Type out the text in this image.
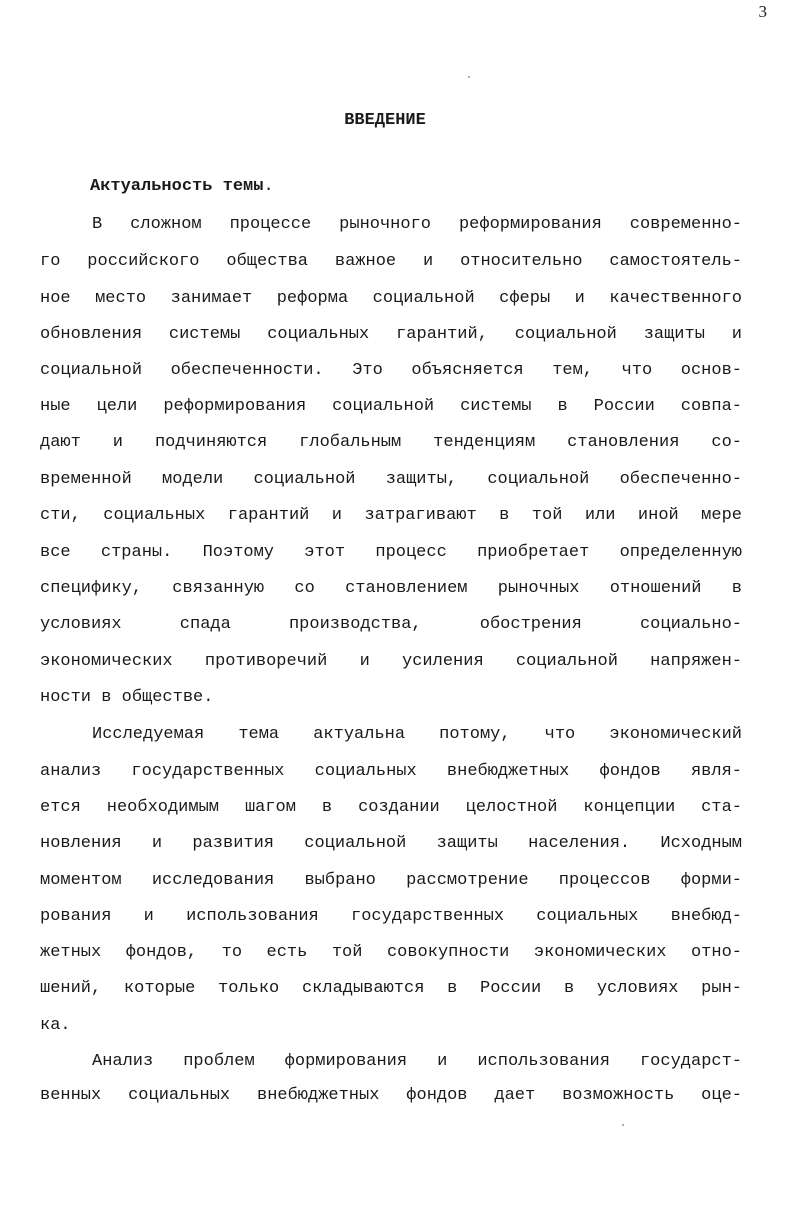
3
ВВЕДЕНИЕ
Актуальность темы.
В сложном процессе рыночного реформирования современно-
го российского общества важное и относительно самостоятель-
ное место занимает реформа социальной сферы и качественного
обновления системы социальных гарантий, социальной защиты и
социальной обеспеченности. Это объясняется тем, что основ-
ные цели реформирования социальной системы в России совпа-
дают и подчиняются глобальным тенденциям становления со-
временной модели социальной защиты, социальной обеспеченно-
сти, социальных гарантий и затрагивают в той или иной мере
все страны. Поэтому этот процесс приобретает определенную
специфику, связанную со становлением рыночных отношений в
условиях спада производства, обострения социально-
экономических противоречий и усиления социальной напряжен-
ности в обществе.
Исследуемая тема актуальна потому, что экономический
анализ государственных социальных внебюджетных фондов явля-
ется необходимым шагом в создании целостной концепции ста-
новления и развития социальной защиты населения. Исходным
моментом исследования выбрано рассмотрение процессов форми-
рования и использования государственных социальных внебюд-
жетных фондов, то есть той совокупности экономических отно-
шений, которые только складываются в России в условиях рын-
ка.
Анализ проблем формирования и использования государст-
венных социальных внебюджетных фондов дает возможность оце-
